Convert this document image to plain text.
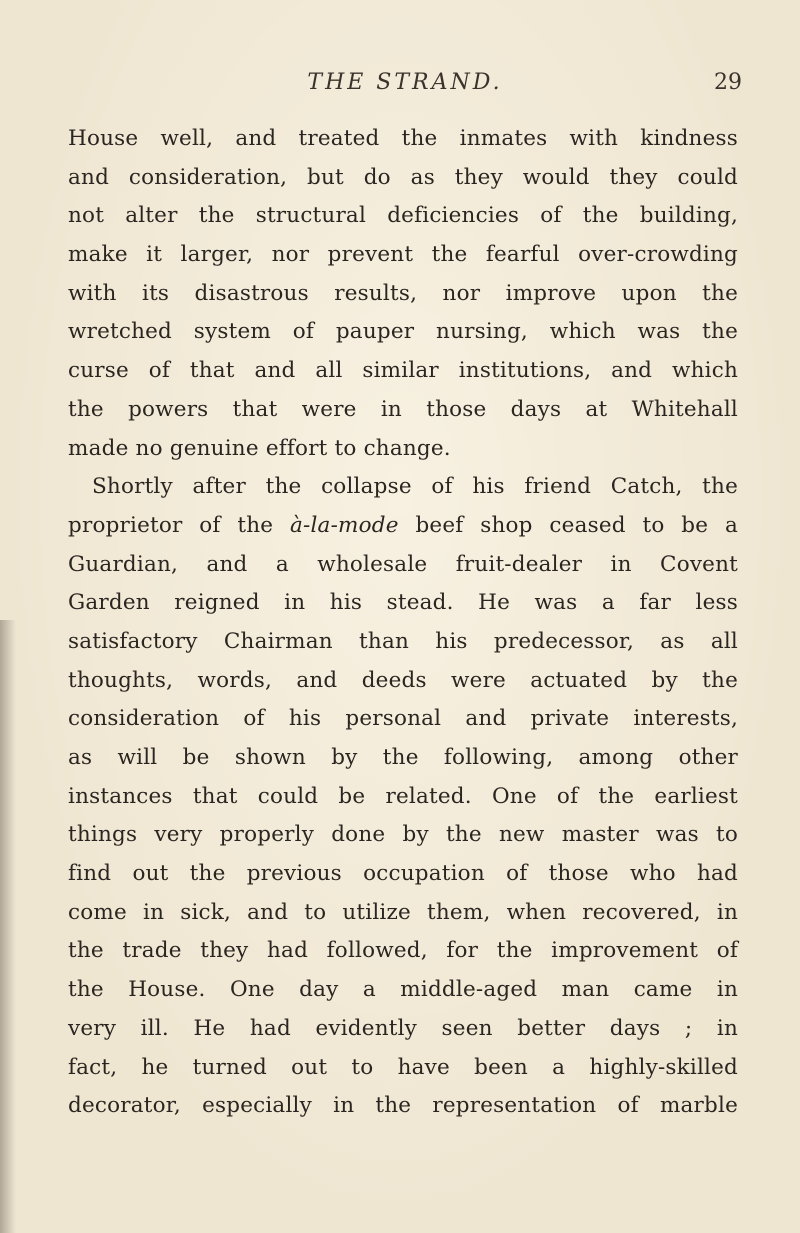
THE STRAND.	29
House well, and treated the inmates with kindness
and consideration, but do as they would they could
not alter the structural deficiencies of the building,
make it larger, nor prevent the fearful over-crowding
with its disastrous results, nor improve upon the
wretched system of pauper nursing, which was the
curse of that and all similar institutions, and which
the powers that were in those days at Whitehall
made no genuine effort to change.
Shortly after the collapse of his friend Catch, the
proprietor of the à-la-mode beef shop ceased to be a
Guardian, and a wholesale fruit-dealer in Covent
Garden reigned in his stead. He was a far less
satisfactory Chairman than his predecessor, as all
thoughts, words, and deeds were actuated by the
consideration of his personal and private interests,
as will be shown by the following, among other
instances that could be related. One of the earliest
things very properly done by the new master was to
find out the previous occupation of those who had
come in sick, and to utilize them, when recovered, in
the trade they had followed, for the improvement of
the House. One day a middle-aged man came in
very ill. He had evidently seen better days ; in
fact, he turned out to have been a highly-skilled
decorator, especially in the representation of marble
